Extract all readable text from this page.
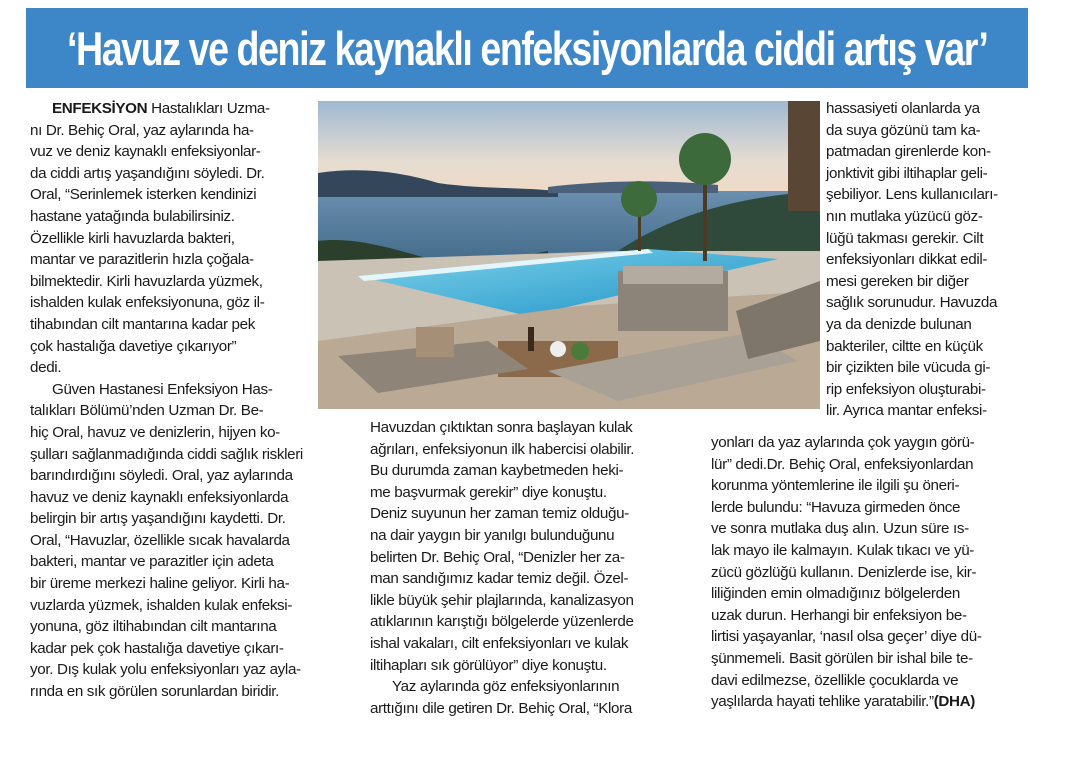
‘Havuz ve deniz kaynaklı enfeksiyonlarda ciddi artış var’

ENFEKSİYON Hastalıkları Uzma-
nı Dr. Behiç Oral, yaz aylarında ha-
vuz ve deniz kaynaklı enfeksiyonlar-
da ciddi artış yaşandığını söyledi. Dr.
Oral, “Serinlemek isterken kendinizi
hastane yatağında bulabilirsiniz.
Özellikle kirli havuzlarda bakteri,
mantar ve parazitlerin hızla çoğala-
bilmektedir. Kirli havuzlarda yüzmek,
ishalden kulak enfeksiyonuna, göz il-
tihabından cilt mantarına kadar pek
çok hastalığa davetiye çıkarıyor”
dedi.

Güven Hastanesi Enfeksiyon Has-
talıkları Bölümü’nden Uzman Dr. Be-
hiç Oral, havuz ve denizlerin, hijyen ko-
şulları sağlanmadığında ciddi sağlık riskleri
barındırdığını söyledi. Oral, yaz aylarında
havuz ve deniz kaynaklı enfeksiyonlarda
belirgin bir artış yaşandığını kaydetti. Dr.
Oral, “Havuzlar, özellikle sıcak havalarda
bakteri, mantar ve parazitler için adeta
bir üreme merkezi haline geliyor. Kirli ha-
vuzlarda yüzmek, ishalden kulak enfeksi-
yonuna, göz iltihabından cilt mantarına
kadar pek çok hastalığa davetiye çıkarı-
yor. Dış kulak yolu enfeksiyonları yaz ayla-
rında en sık görülen sorunlardan biridir.

Havuzdan çıktıktan sonra başlayan kulak
ağrıları, enfeksiyonun ilk habercisi olabilir.
Bu durumda zaman kaybetmeden heki-
me başvurmak gerekir” diye konuştu.
Deniz suyunun her zaman temiz olduğu-
na dair yaygın bir yanılgı bulunduğunu
belirten Dr. Behiç Oral, “Denizler her za-
man sandığımız kadar temiz değil. Özel-
likle büyük şehir plajlarında, kanalizasyon
atıklarının karıştığı bölgelerde yüzenlerde
ishal vakaları, cilt enfeksiyonları ve kulak
iltihapları sık görülüyor” diye konuştu.

Yaz aylarında göz enfeksiyonlarının
arttığını dile getiren Dr. Behiç Oral, “Klora

hassasiyeti olanlarda ya
da suya gözünü tam ka-
patmadan girenlerde kon-
jonktivit gibi iltihaplar geli-
şebiliyor. Lens kullanıcıları-
nın mutlaka yüzücü göz-
lüğü takması gerekir. Cilt
enfeksiyonları dikkat edil-
mesi gereken bir diğer
sağlık sorunudur. Havuzda
ya da denizde bulunan
bakteriler, ciltte en küçük
bir çizikten bile vücuda gi-
rip enfeksiyon oluşturabi-
lir. Ayrıca mantar enfeksi-

yonları da yaz aylarında çok yaygın görü-
lür” dedi.Dr. Behiç Oral, enfeksiyonlardan
korunma yöntemlerine ile ilgili şu öneri-
lerde bulundu: “Havuza girmeden önce
ve sonra mutlaka duş alın. Uzun süre ıs-
lak mayo ile kalmayın. Kulak tıkacı ve yü-
zücü gözlüğü kullanın. Denizlerde ise, kir-
liliğinden emin olmadığınız bölgelerden
uzak durun. Herhangi bir enfeksiyon be-
lirtisi yaşayanlar, ‘nasıl olsa geçer’ diye dü-
şünmemeli. Basit görülen bir ishal bile te-
davi edilmezse, özellikle çocuklarda ve
yaşlılarda hayati tehlike yaratabilir.”(DHA)
